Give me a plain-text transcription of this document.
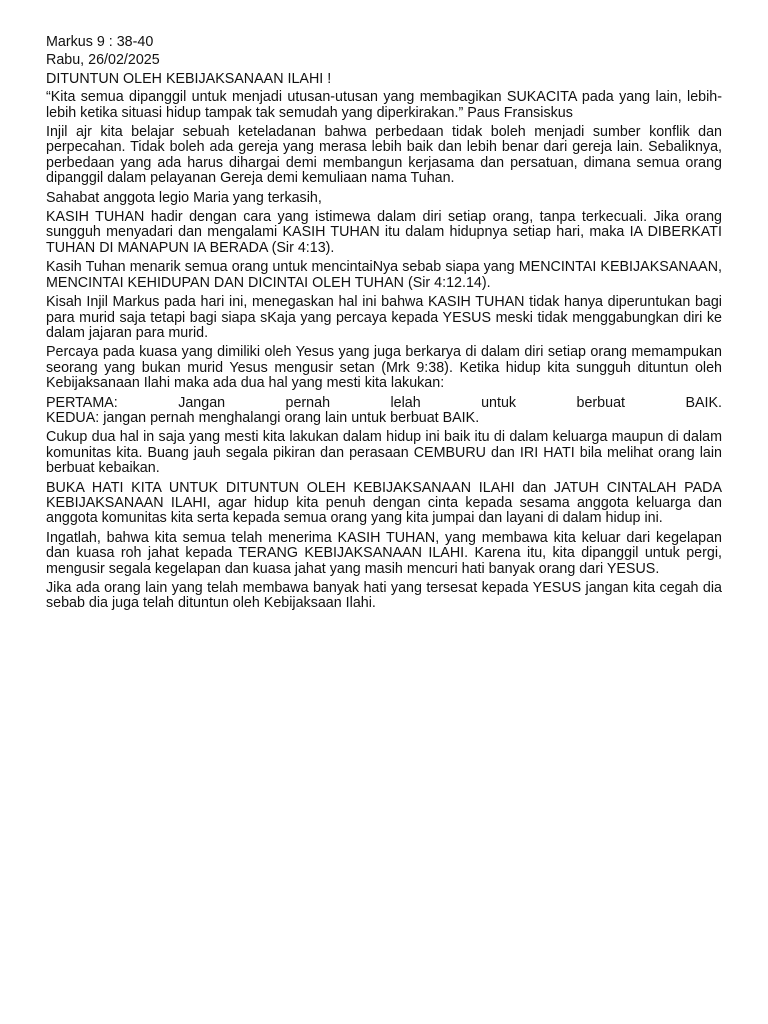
Markus 9 : 38-40
Rabu, 26/02/2025
DITUNTUN OLEH KEBIJAKSANAAN ILAHI !

“Kita semua dipanggil untuk menjadi utusan-utusan yang membagikan SUKACITA pada yang lain, lebih-lebih ketika situasi hidup tampak tak semudah yang diperkirakan.” Paus Fransiskus

Injil ajr kita belajar sebuah keteladanan bahwa perbedaan tidak boleh menjadi sumber konflik dan perpecahan. Tidak boleh ada gereja yang merasa lebih baik dan lebih benar dari gereja lain. Sebaliknya, perbedaan yang ada harus dihargai demi membangun kerjasama dan persatuan, dimana semua orang dipanggil dalam pelayanan Gereja demi kemuliaan nama Tuhan.

Sahabat anggota legio Maria yang terkasih,

KASIH TUHAN hadir dengan cara yang istimewa dalam diri setiap orang, tanpa terkecuali. Jika orang sungguh menyadari dan mengalami KASIH TUHAN itu dalam hidupnya setiap hari, maka IA DIBERKATI TUHAN DI MANAPUN IA BERADA (Sir 4:13).

Kasih Tuhan menarik semua orang untuk mencintaiNya sebab siapa yang MENCINTAI KEBIJAKSANAAN, MENCINTAI KEHIDUPAN DAN DICINTAI OLEH TUHAN (Sir 4:12.14).

Kisah Injil Markus pada hari ini, menegaskan hal ini bahwa KASIH TUHAN tidak hanya diperuntukan bagi para murid saja tetapi bagi siapa sKaja yang percaya kepada YESUS meski tidak menggabungkan diri ke dalam jajaran para murid.

Percaya pada kuasa yang dimiliki oleh Yesus yang juga berkarya di dalam diri setiap orang memampukan seorang yang bukan murid Yesus mengusir setan (Mrk 9:38). Ketika hidup kita sungguh dituntun oleh Kebijaksanaan Ilahi maka ada dua hal yang mesti kita lakukan:

PERTAMA:	Jangan	pernah	lelah	untuk	berbuat	BAIK.
KEDUA: jangan pernah menghalangi orang lain untuk berbuat BAIK.

Cukup dua hal in saja yang mesti kita lakukan dalam hidup ini baik itu di dalam keluarga maupun di dalam komunitas kita. Buang jauh segala pikiran dan perasaan CEMBURU dan IRI HATI bila melihat orang lain berbuat kebaikan.

BUKA HATI KITA UNTUK DITUNTUN OLEH KEBIJAKSANAAN ILAHI dan JATUH CINTALAH PADA KEBIJAKSANAAN ILAHI, agar hidup kita penuh dengan cinta kepada sesama anggota keluarga dan anggota komunitas kita serta kepada semua orang yang kita jumpai dan layani di dalam hidup ini.

Ingatlah, bahwa kita semua telah menerima KASIH TUHAN, yang membawa kita keluar dari kegelapan dan kuasa roh jahat kepada TERANG KEBIJAKSANAAN ILAHI. Karena itu, kita dipanggil untuk pergi, mengusir segala kegelapan dan kuasa jahat yang masih mencuri hati banyak orang dari YESUS.

Jika ada orang lain yang telah membawa banyak hati yang tersesat kepada YESUS jangan kita cegah dia sebab dia juga telah dituntun oleh Kebijaksaan Ilahi.
